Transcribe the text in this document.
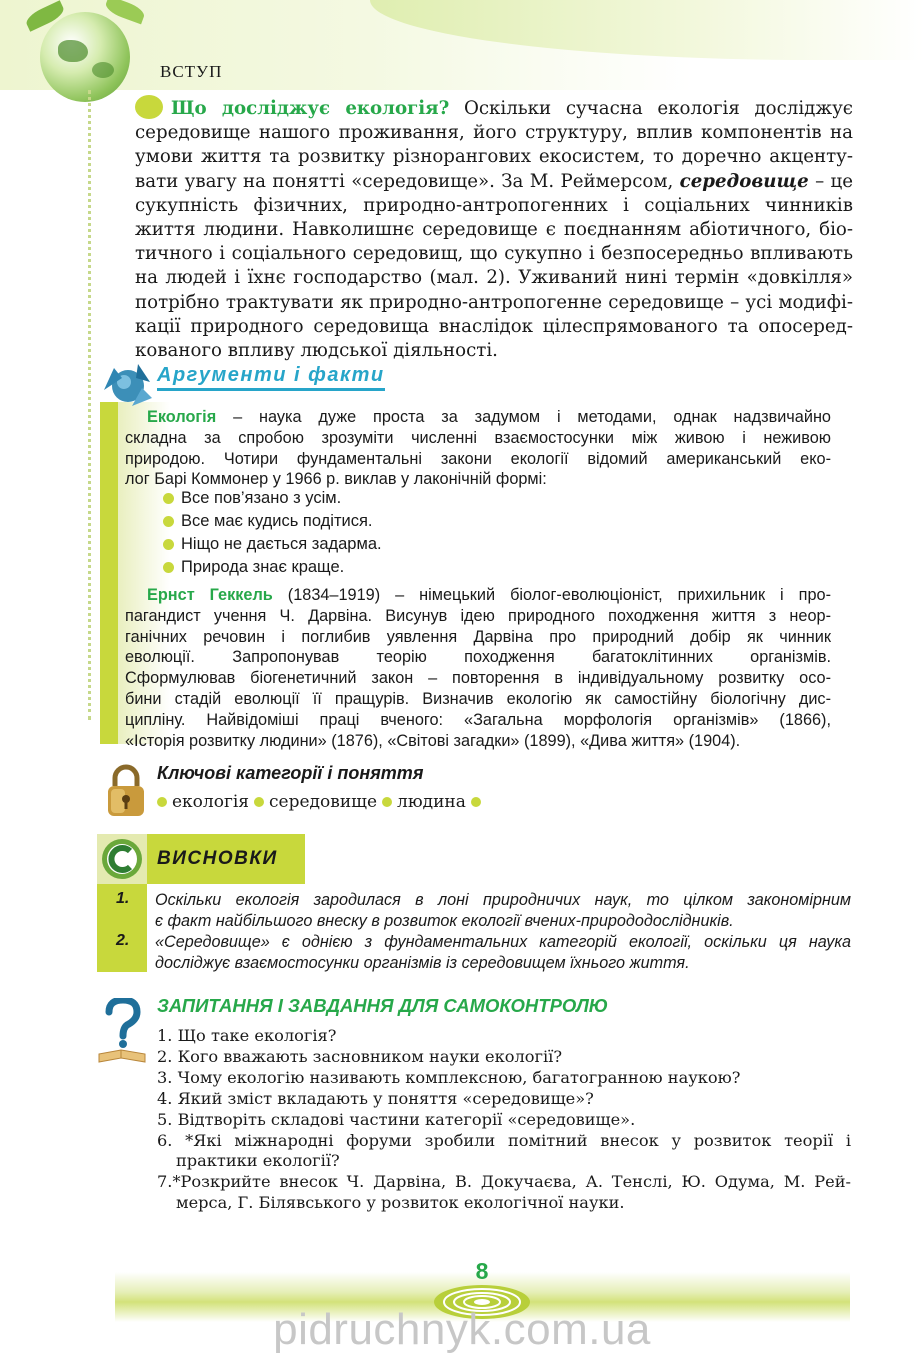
ВСТУП
Що досліджує екологія? Оскільки сучасна екологія досліджує
середовище нашого проживання, його структуру, вплив компонентів на
умови життя та розвитку різнорангових екосистем, то доречно акценту-
вати увагу на понятті «середовище». За М. Реймерсом, середовище – це
сукупність фізичних, природно-антропогенних і соціальних чинників
життя людини. Навколишнє середовище є поєднанням абіотичного, біо-
тичного і соціального середовищ, що сукупно і безпосередньо впливають
на людей і їхнє господарство (мал. 2). Уживаний нині термін «довкілля»
потрібно трактувати як природно-антропогенне середовище – усі модифі-
кації природного середовища внаслідок цілеспрямованого та опосеред-
кованого впливу людської діяльності.
Аргументи і факти
Екологія – наука дуже проста за задумом і методами, однак надзвичайно
складна за спробою зрозуміти численні взаємостосунки між живою і неживою
природою. Чотири фундаментальні закони екології відомий американський еко-
лог Барі Коммонер у 1966 р. виклав у лаконічній формі:
Все пов’язано з усім.
Все має кудись подітися.
Ніщо не дається задарма.
Природа знає краще.
Ернст Геккель (1834–1919) – німецький біолог-еволюціоніст, прихильник і про-
пагандист учення Ч. Дарвіна. Висунув ідею природного походження життя з неор-
ганічних речовин і поглибив уявлення Дарвіна про природний добір як чинник
еволюції. Запропонував теорію походження багатоклітинних організмів.
Сформулював біогенетичний закон – повторення в індивідуальному розвитку осо-
бини стадій еволюції її пращурів. Визначив екологію як самостійну біологічну дис-
ципліну. Найвідоміші праці вченого: «Загальна морфологія організмів» (1866),
«Історія розвитку людини» (1876), «Світові загадки» (1899), «Дива життя» (1904).
Ключові категорії і поняття
екологія середовище людина
ВИСНОВКИ
1.
2.
Оскільки екологія зародилася в лоні природничих наук, то цілком закономірним
є факт найбільшого внеску в розвиток екології вчених-природодослідників.
«Середовище» є однією з фундаментальних категорій екології, оскільки ця наука
досліджує взаємостосунки організмів із середовищем їхнього життя.
ЗАПИТАННЯ І ЗАВДАННЯ ДЛЯ САМОКОНТРОЛЮ
1. Що таке екологія?
2. Кого вважають засновником науки екології?
3. Чому екологію називають комплексною, багатогранною наукою?
4. Який зміст вкладають у поняття «середовище»?
5. Відтворіть складові частини категорії «середовище».
6. *Які міжнародні форуми зробили помітний внесок у розвиток теорії і
практики екології?
7.*Розкрийте внесок Ч. Дарвіна, В. Докучаєва, А. Тенслі, Ю. Одума, М. Рей-
мерса, Г. Білявського у розвиток екологічної науки.
8
pidruchnyk.com.ua
